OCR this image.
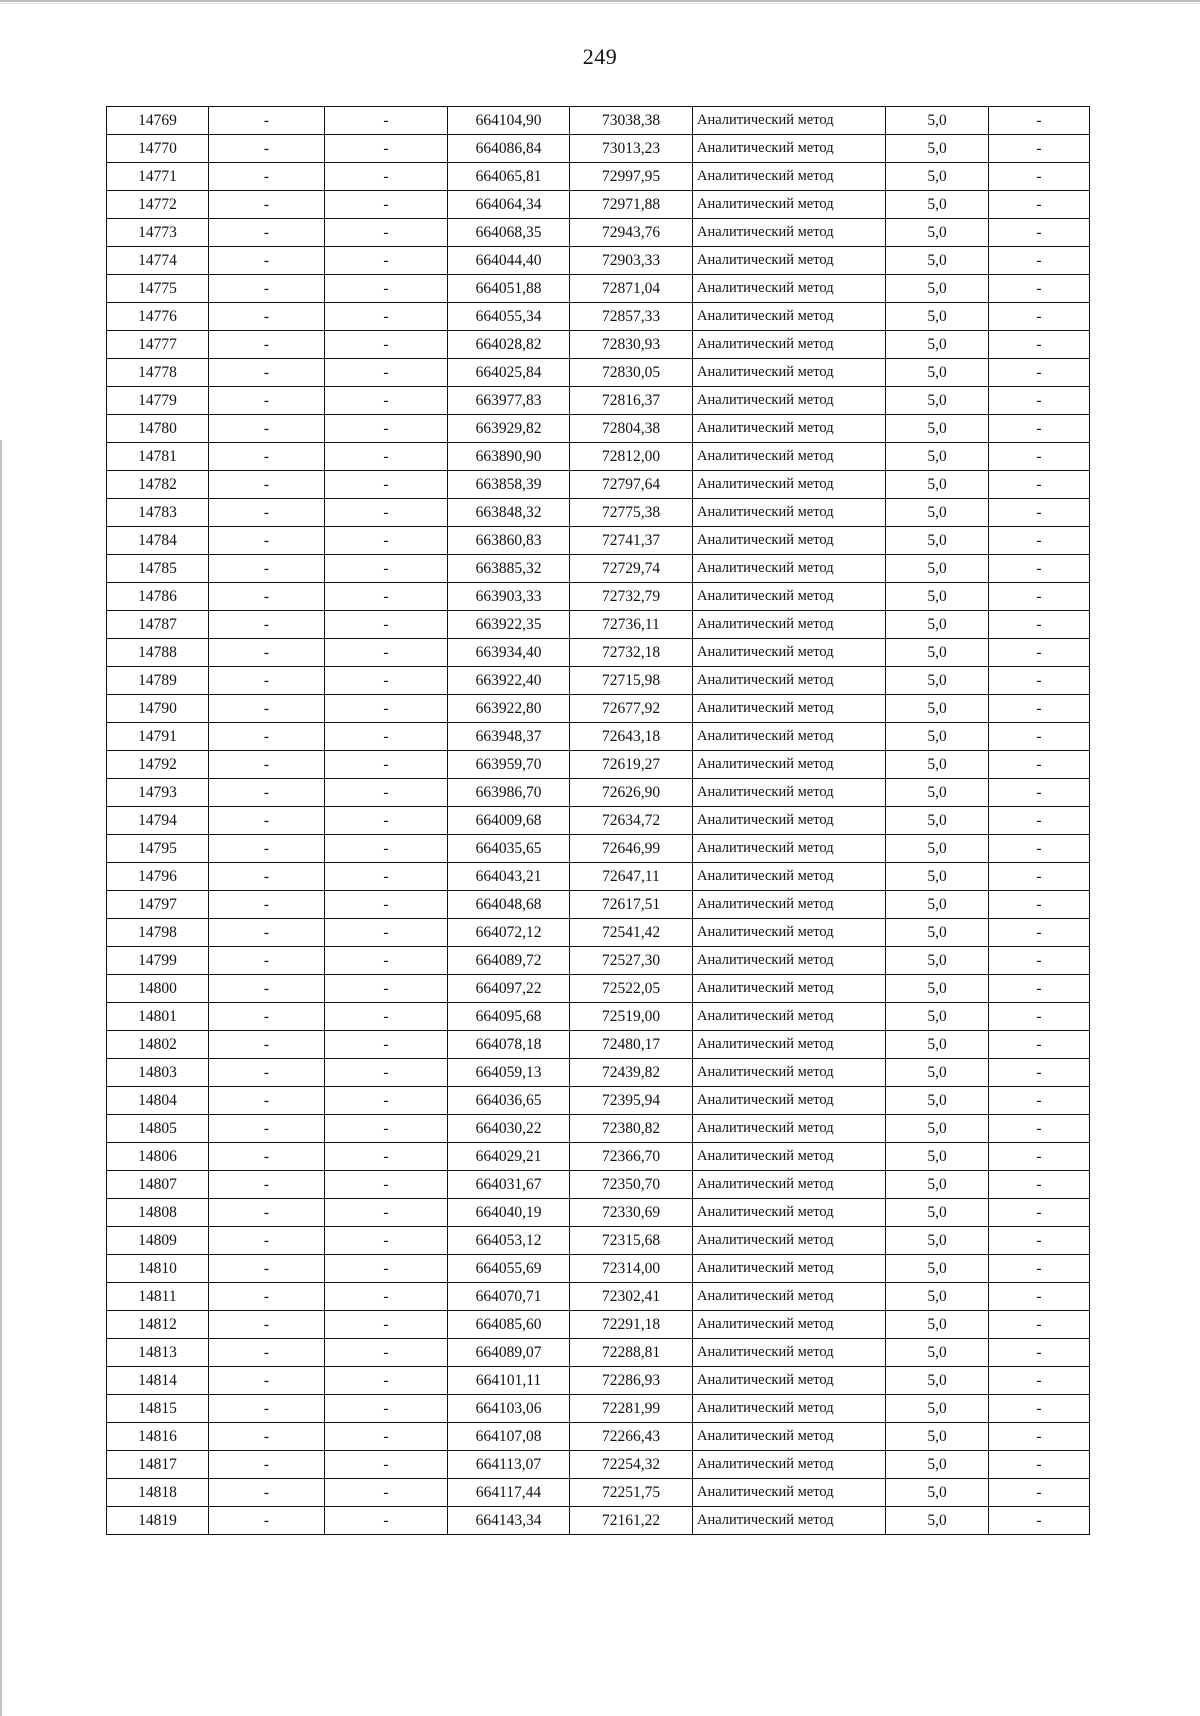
249
14769	-	-	664104,90	73038,38	Аналитический метод	5,0	-
14770	-	-	664086,84	73013,23	Аналитический метод	5,0	-
14771	-	-	664065,81	72997,95	Аналитический метод	5,0	-
14772	-	-	664064,34	72971,88	Аналитический метод	5,0	-
14773	-	-	664068,35	72943,76	Аналитический метод	5,0	-
14774	-	-	664044,40	72903,33	Аналитический метод	5,0	-
14775	-	-	664051,88	72871,04	Аналитический метод	5,0	-
14776	-	-	664055,34	72857,33	Аналитический метод	5,0	-
14777	-	-	664028,82	72830,93	Аналитический метод	5,0	-
14778	-	-	664025,84	72830,05	Аналитический метод	5,0	-
14779	-	-	663977,83	72816,37	Аналитический метод	5,0	-
14780	-	-	663929,82	72804,38	Аналитический метод	5,0	-
14781	-	-	663890,90	72812,00	Аналитический метод	5,0	-
14782	-	-	663858,39	72797,64	Аналитический метод	5,0	-
14783	-	-	663848,32	72775,38	Аналитический метод	5,0	-
14784	-	-	663860,83	72741,37	Аналитический метод	5,0	-
14785	-	-	663885,32	72729,74	Аналитический метод	5,0	-
14786	-	-	663903,33	72732,79	Аналитический метод	5,0	-
14787	-	-	663922,35	72736,11	Аналитический метод	5,0	-
14788	-	-	663934,40	72732,18	Аналитический метод	5,0	-
14789	-	-	663922,40	72715,98	Аналитический метод	5,0	-
14790	-	-	663922,80	72677,92	Аналитический метод	5,0	-
14791	-	-	663948,37	72643,18	Аналитический метод	5,0	-
14792	-	-	663959,70	72619,27	Аналитический метод	5,0	-
14793	-	-	663986,70	72626,90	Аналитический метод	5,0	-
14794	-	-	664009,68	72634,72	Аналитический метод	5,0	-
14795	-	-	664035,65	72646,99	Аналитический метод	5,0	-
14796	-	-	664043,21	72647,11	Аналитический метод	5,0	-
14797	-	-	664048,68	72617,51	Аналитический метод	5,0	-
14798	-	-	664072,12	72541,42	Аналитический метод	5,0	-
14799	-	-	664089,72	72527,30	Аналитический метод	5,0	-
14800	-	-	664097,22	72522,05	Аналитический метод	5,0	-
14801	-	-	664095,68	72519,00	Аналитический метод	5,0	-
14802	-	-	664078,18	72480,17	Аналитический метод	5,0	-
14803	-	-	664059,13	72439,82	Аналитический метод	5,0	-
14804	-	-	664036,65	72395,94	Аналитический метод	5,0	-
14805	-	-	664030,22	72380,82	Аналитический метод	5,0	-
14806	-	-	664029,21	72366,70	Аналитический метод	5,0	-
14807	-	-	664031,67	72350,70	Аналитический метод	5,0	-
14808	-	-	664040,19	72330,69	Аналитический метод	5,0	-
14809	-	-	664053,12	72315,68	Аналитический метод	5,0	-
14810	-	-	664055,69	72314,00	Аналитический метод	5,0	-
14811	-	-	664070,71	72302,41	Аналитический метод	5,0	-
14812	-	-	664085,60	72291,18	Аналитический метод	5,0	-
14813	-	-	664089,07	72288,81	Аналитический метод	5,0	-
14814	-	-	664101,11	72286,93	Аналитический метод	5,0	-
14815	-	-	664103,06	72281,99	Аналитический метод	5,0	-
14816	-	-	664107,08	72266,43	Аналитический метод	5,0	-
14817	-	-	664113,07	72254,32	Аналитический метод	5,0	-
14818	-	-	664117,44	72251,75	Аналитический метод	5,0	-
14819	-	-	664143,34	72161,22	Аналитический метод	5,0	-
